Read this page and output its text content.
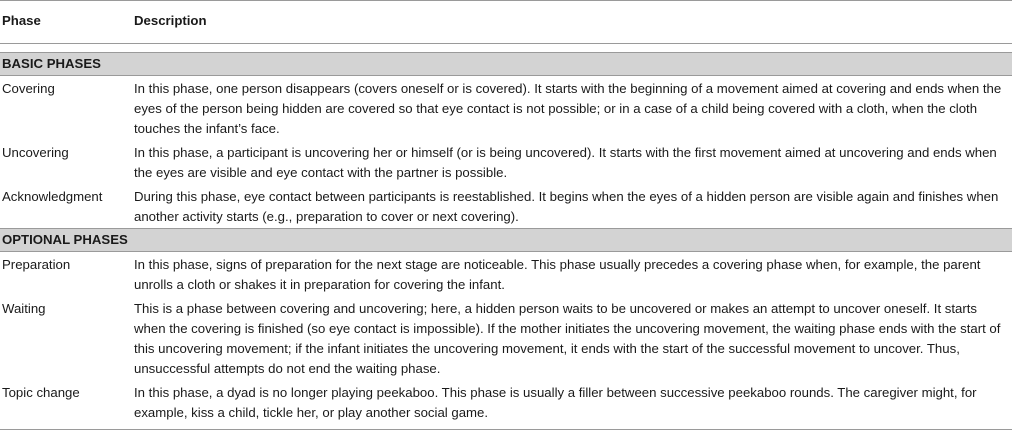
Phase	Description

BASIC PHASES	
Covering	In this phase, one person disappears (covers oneself or is covered). It starts with the beginning of a movement aimed at covering and ends when the eyes of the person being hidden are covered so that eye contact is not possible; or in a case of a child being covered with a cloth, when the cloth touches the infant’s face.
Uncovering	In this phase, a participant is uncovering her or himself (or is being uncovered). It starts with the first movement aimed at uncovering and ends when the eyes are visible and eye contact with the partner is possible.
Acknowledgment	During this phase, eye contact between participants is reestablished. It begins when the eyes of a hidden person are visible again and finishes when another activity starts (e.g., preparation to cover or next covering).
OPTIONAL PHASES	
Preparation	In this phase, signs of preparation for the next stage are noticeable. This phase usually precedes a covering phase when, for example, the parent unrolls a cloth or shakes it in preparation for covering the infant.
Waiting	This is a phase between covering and uncovering; here, a hidden person waits to be uncovered or makes an attempt to uncover oneself. It starts when the covering is finished (so eye contact is impossible). If the mother initiates the uncovering movement, the waiting phase ends with the start of this uncovering movement; if the infant initiates the uncovering movement, it ends with the start of the successful movement to uncover. Thus, unsuccessful attempts do not end the waiting phase.
Topic change	In this phase, a dyad is no longer playing peekaboo. This phase is usually a filler between successive peekaboo rounds. The caregiver might, for example, kiss a child, tickle her, or play another social game.
